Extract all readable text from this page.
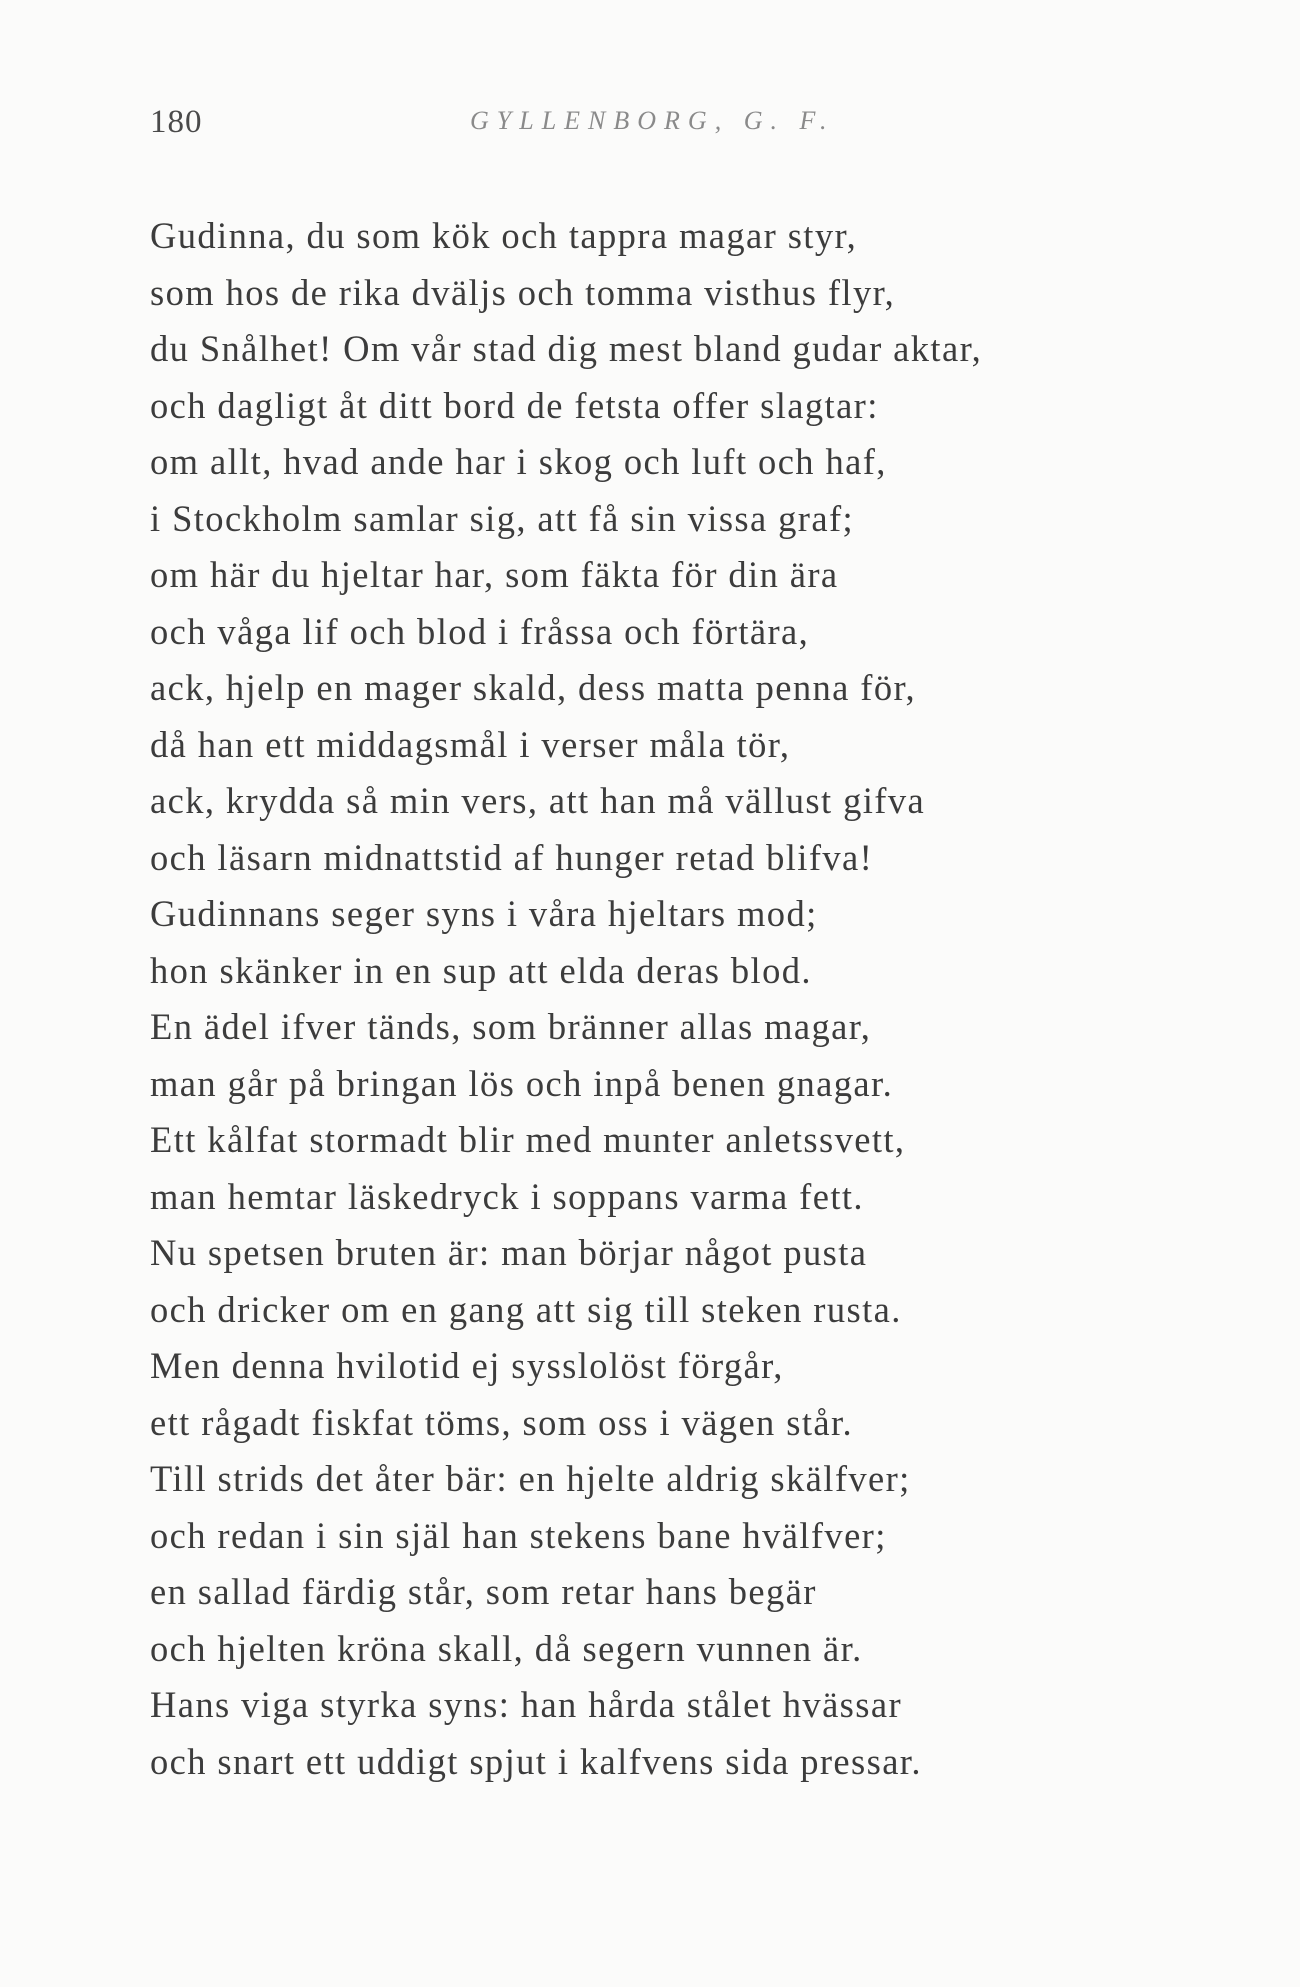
180	GYLLENBORG, G. F.
Gudinna, du som kök och tappra magar styr,
som hos de rika dväljs och tomma visthus flyr,
du Snålhet! Om vår stad dig mest bland gudar aktar,
och dagligt åt ditt bord de fetsta offer slagtar:
om allt, hvad ande har i skog och luft och haf,
i Stockholm samlar sig, att få sin vissa graf;
om här du hjeltar har, som fäkta för din ära
och våga lif och blod i fråssa och förtära,
ack, hjelp en mager skald, dess matta penna för,
då han ett middagsmål i verser måla tör,
ack, krydda så min vers, att han må vällust gifva
och läsarn midnattstid af hunger retad blifva!
Gudinnans seger syns i våra hjeltars mod;
hon skänker in en sup att elda deras blod.
En ädel ifver tänds, som bränner allas magar,
man går på bringan lös och inpå benen gnagar.
Ett kålfat stormadt blir med munter anletssvett,
man hemtar läskedryck i soppans varma fett.
Nu spetsen bruten är: man börjar något pusta
och dricker om en gang att sig till steken rusta.
Men denna hvilotid ej sysslolöst förgår,
ett rågadt fiskfat töms, som oss i vägen står.
Till strids det åter bär: en hjelte aldrig skälfver;
och redan i sin själ han stekens bane hvälfver;
en sallad färdig står, som retar hans begär
och hjelten kröna skall, då segern vunnen är.
Hans viga styrka syns: han hårda stålet hvässar
och snart ett uddigt spjut i kalfvens sida pressar.
